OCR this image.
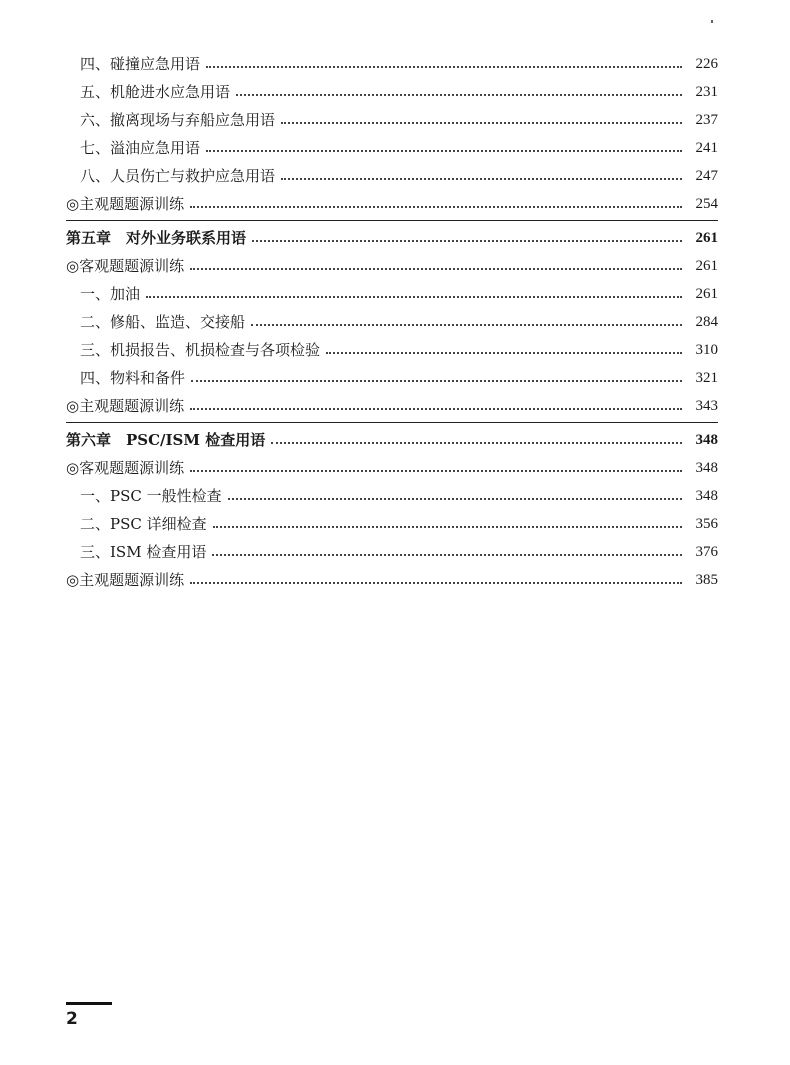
四、碰撞应急用语	226
五、机舱进水应急用语	231
六、撤离现场与弃船应急用语	237
七、溢油应急用语	241
八、人员伤亡与救护应急用语	247
◎主观题题源训练	254
第五章　对外业务联系用语	261
◎客观题题源训练	261
一、加油	261
二、修船、监造、交接船	284
三、机损报告、机损检查与各项检验	310
四、物料和备件	321
◎主观题题源训练	343
第六章　PSC/ISM 检查用语	348
◎客观题题源训练	348
一、PSC 一般性检查	348
二、PSC 详细检查	356
三、ISM 检查用语	376
◎主观题题源训练	385
2
